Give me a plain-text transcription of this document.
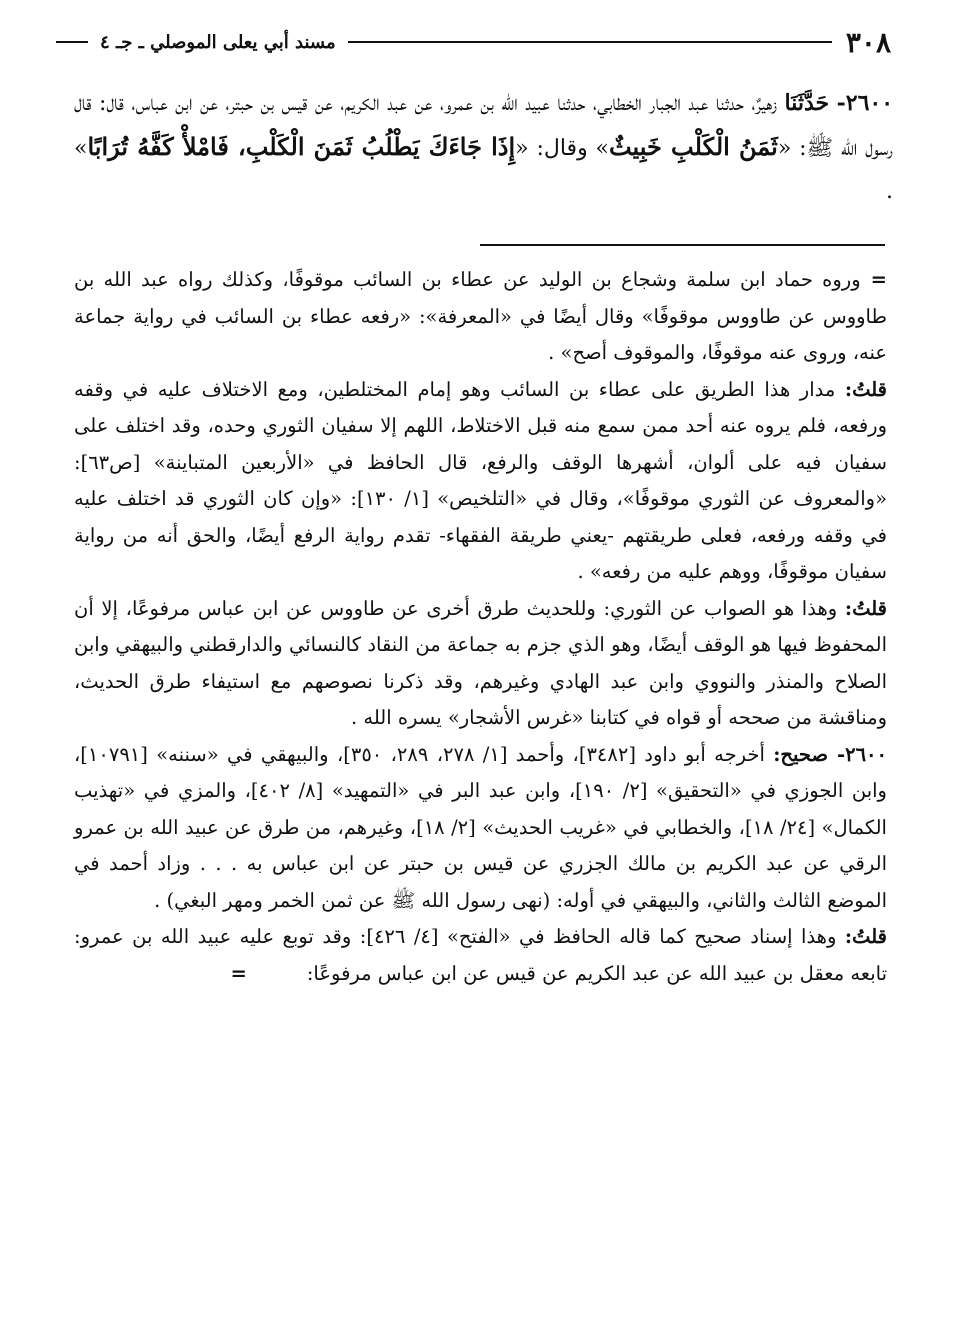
٣٠٨
مسند أبي يعلى الموصلي ـ جـ ٤
٢٦٠٠- حَدَّثَنَا زهيرٌ، حدثنا عبد الجبار الخطابي، حدثنا عبيد الله بن عمرو، عن عبد الكريم، عن قيس بن حبتر، عن ابن عباس، قال: قال رسول الله ﷺ: «ثَمَنُ الْكَلْبِ خَبِيثٌ» وقال: «إِذَا جَاءَكَ يَطْلُبُ ثَمَنَ الْكَلْبِ، فَامْلأْ كَفَّهُ تُرَابًا» .

=وروه حماد ابن سلمة وشجاع بن الوليد عن عطاء بن السائب موقوفًا، وكذلك رواه عبد الله بن طاووس عن طاووس موقوفًا» وقال أيضًا في «المعرفة»: «رفعه عطاء بن السائب في رواية جماعة عنه، وروى عنه موقوفًا، والموقوف أصح» .

قلتُ: مدار هذا الطريق على عطاء بن السائب وهو إمام المختلطين، ومع الاختلاف عليه في وقفه ورفعه، فلم يروه عنه أحد ممن سمع منه قبل الاختلاط، اللهم إلا سفيان الثوري وحده، وقد اختلف على سفيان فيه على ألوان، أشهرها الوقف والرفع، قال الحافظ في «الأربعين المتباينة» [ص٦٣]: «والمعروف عن الثوري موقوفًا»، وقال في «التلخيص» [١/ ١٣٠]: «وإن كان الثوري قد اختلف عليه في وقفه ورفعه، فعلى طريقتهم -يعني طريقة الفقهاء- تقدم رواية الرفع أيضًا، والحق أنه من رواية سفيان موقوفًا، ووهم عليه من رفعه» .

قلتُ: وهذا هو الصواب عن الثوري: وللحديث طرق أخرى عن طاووس عن ابن عباس مرفوعًا، إلا أن المحفوظ فيها هو الوقف أيضًا، وهو الذي جزم به جماعة من النقاد كالنسائي والدارقطني والبيهقي وابن الصلاح والمنذر والنووي وابن عبد الهادي وغيرهم، وقد ذكرنا نصوصهم مع استيفاء طرق الحديث، ومناقشة من صححه أو قواه في كتابنا «غرس الأشجار» يسره الله .

٢٦٠٠- صحيح: أخرجه أبو داود [٣٤٨٢]، وأحمد [١/ ٢٧٨، ٢٨٩، ٣٥٠]، والبيهقي في «سننه» [١٠٧٩١]، وابن الجوزي في «التحقيق» [٢/ ١٩٠]، وابن عبد البر في «التمهيد» [٨/ ٤٠٢]، والمزي في «تهذيب الكمال» [٢٤/ ١٨]، والخطابي في «غريب الحديث» [٢/ ١٨]، وغيرهم، من طرق عن عبيد الله بن عمرو الرقي عن عبد الكريم بن مالك الجزري عن قيس بن حبتر عن ابن عباس به . . . وزاد أحمد في الموضع الثالث والثاني، والبيهقي في أوله: (نهى رسول الله ﷺ عن ثمن الخمر ومهر البغي) .

قلتُ: وهذا إسناد صحيح كما قاله الحافظ في «الفتح» [٤/ ٤٢٦]: وقد توبع عليه عبيد الله بن عمرو: تابعه معقل بن عبيد الله عن عبد الكريم عن قيس عن ابن عباس مرفوعًا:=
